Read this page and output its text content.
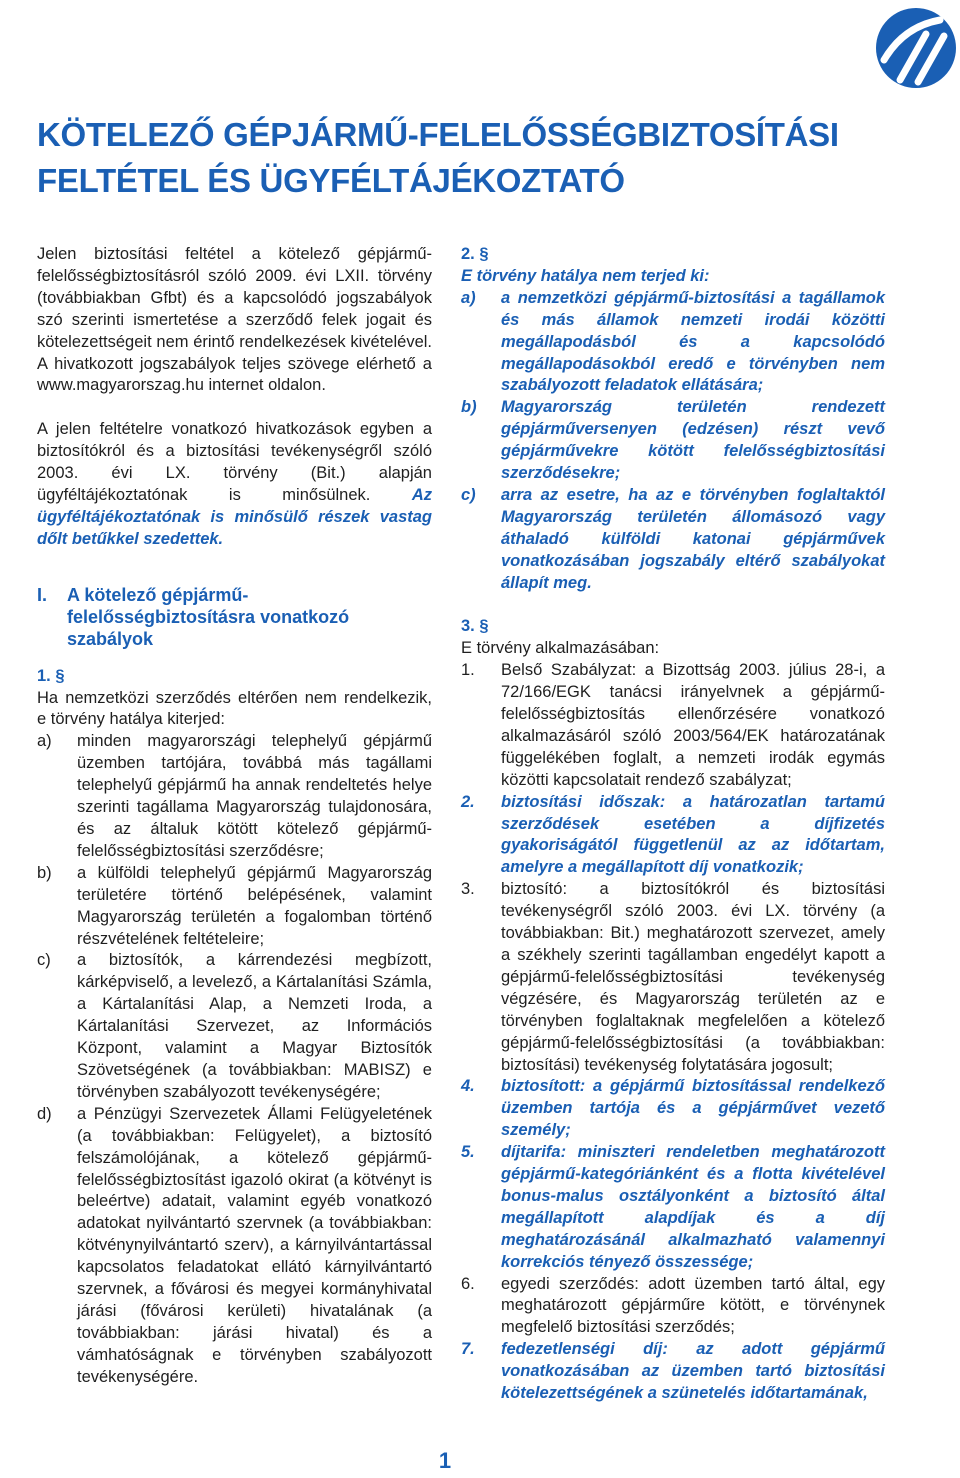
KÖTELEZŐ GÉPJÁRMŰ-FELELŐSSÉGBIZTOSÍTÁSI
FELTÉTEL ÉS ÜGYFÉLTÁJÉKOZTATÓ

Jelen biztosítási feltétel a kötelező gépjármű-felelősségbiztosításról szóló 2009. évi LXII. törvény (továbbiakban Gfbt) és a kapcsolódó jogszabályok szó szerinti ismertetése a szerződő felek jogait és kötelezettségeit nem érintő rendelkezések kivételével. A hivatkozott jogszabályok teljes szövege elérhető a www.magyarorszag.hu internet oldalon.

A jelen feltételre vonatkozó hivatkozások egyben a biztosítókról és a biztosítási tevékenységről szóló 2003. évi LX. törvény (Bit.) alapján ügyféltájékoztatónak is minősülnek.	Az ügyféltájékoztatónak is minősülő részek vastag dőlt betűkkel szedettek.

I.	A kötelező gépjármű-felelősségbiztosításra vonatkozó szabályok

1. §

Ha nemzetközi szerződés eltérően nem rendelkezik, e törvény hatálya kiterjed:

a)	minden magyarországi telephelyű gépjármű üzemben tartójára, továbbá más tagállami telephelyű gépjármű ha annak rendeltetés helye szerinti tagállama Magyarország tulajdonosára, és az általuk kötött kötelező gépjármű-felelősségbiztosítási szerződésre;
b)	a külföldi telephelyű gépjármű Magyarország területére történő belépésének, valamint Magyarország területén a fogalomban történő részvételének feltételeire;
c)	a biztosítók, a kárrendezési megbízott, kárképviselő, a levelező, a Kártalanítási Számla, a Kártalanítási Alap, a Nemzeti Iroda, a Kártalanítási Szervezet, az Információs Központ, valamint a Magyar Biztosítók Szövetségének (a továbbiakban: MABISZ) e törvényben szabályozott tevékenységére;
d)	a Pénzügyi Szervezetek Állami Felügyeletének (a továbbiakban: Felügyelet), a biztosító felszámolójának, a kötelező gépjármű-felelősségbiztosítást igazoló okirat (a kötvényt is beleértve) adatait, valamint egyéb vonatkozó adatokat nyilvántartó szervnek (a továbbiakban: kötvénynyilvántartó szerv), a kárnyilvántartással kapcsolatos feladatokat ellátó kárnyilvántartó szervnek, a fővárosi és megyei kormányhivatal járási (fővárosi kerületi) hivatalának (a továbbiakban: járási hivatal) és a vámhatóságnak e törvényben szabályozott tevékenységére.

2. §

E törvény hatálya nem terjed ki:

a)	a nemzetközi gépjármű-biztosítási a tagállamok és más államok nemzeti irodái közötti megállapodásból és a kapcsolódó megállapodásokból eredő e törvényben nem szabályozott feladatok ellátására;
b)	Magyarország területén rendezett gépjárműversenyen (edzésen) részt vevő gépjárművekre kötött felelősségbiztosítási szerződésekre;
c)	arra az esetre, ha az e törvényben foglaltaktól Magyarország területén állomásozó vagy áthaladó külföldi katonai gépjárművek vonatkozásában jogszabály eltérő szabályokat állapít meg.

3. §

E törvény alkalmazásában:

1.	Belső Szabályzat: a Bizottság 2003. július 28-i, a 72/166/EGK tanácsi irányelvnek a gépjármű-felelősségbiztosítás ellenőrzésére vonatkozó alkalmazásáról szóló 2003/564/EK határozatának függelékében foglalt, a nemzeti irodák egymás közötti kapcsolatait rendező szabályzat;
2.	biztosítási időszak: a határozatlan tartamú szerződések esetében a díjfizetés gyakoriságától függetlenül az az időtartam, amelyre a megállapított díj vonatkozik;
3.	biztosító: a biztosítókról és biztosítási tevékenységről szóló 2003. évi LX. törvény (a továbbiakban: Bit.) meghatározott szervezet, amely a székhely szerinti tagállamban engedélyt kapott a gépjármű-felelősségbiztosítási tevékenység végzésére, és Magyarország területén az e törvényben foglaltaknak megfelelően a kötelező gépjármű-felelősségbiztosítási (a továbbiakban: biztosítási) tevékenység folytatására jogosult;
4.	biztosított: a gépjármű biztosítással rendelkező üzemben tartója és a gépjárművet vezető személy;
5.	díjtarifa: miniszteri rendeletben meghatározott gépjármű-kategóriánként és a flotta kivételével bonus-malus osztályonként a biztosító által megállapított alapdíjak és a díj meghatározásánál alkalmazható valamennyi korrekciós tényező összessége;
6.	egyedi szerződés: adott üzemben tartó által, egy meghatározott gépjárműre kötött, e törvénynek megfelelő biztosítási szerződés;
7.	fedezetlenségi díj: az adott gépjármű vonatkozásában az üzemben tartó biztosítási kötelezettségének a szünetelés időtartamának,
1
